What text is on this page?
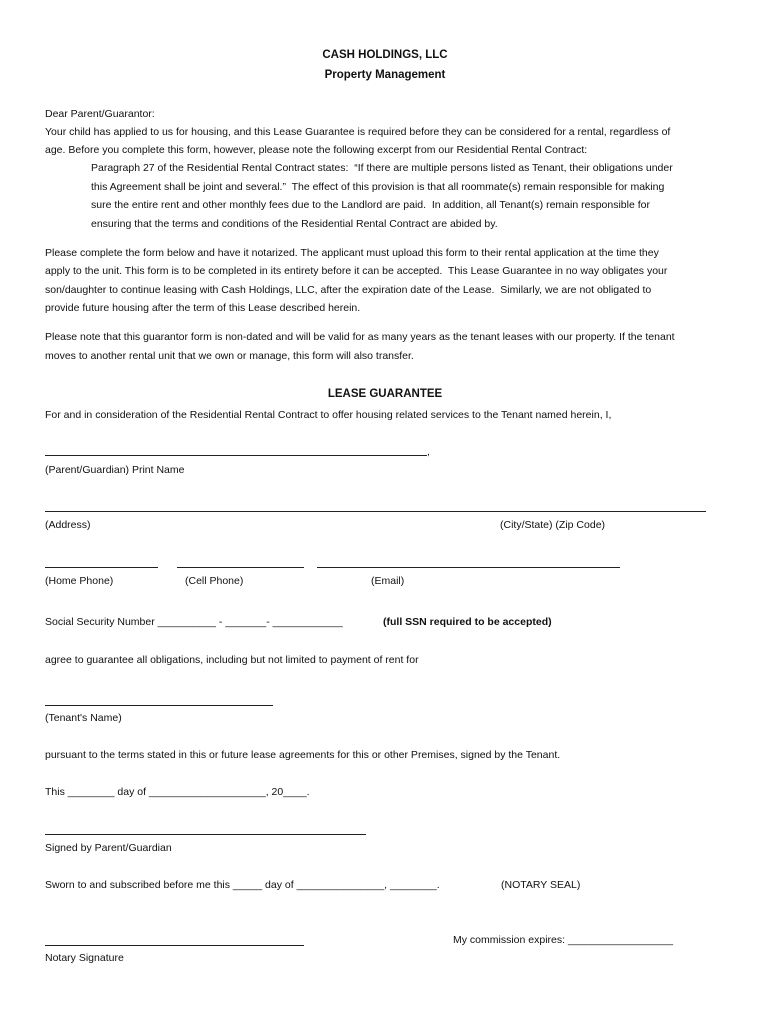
CASH HOLDINGS, LLC
Property Management
Dear Parent/Guarantor:
Your child has applied to us for housing, and this Lease Guarantee is required before they can be considered for a rental, regardless of
age. Before you complete this form, however, please note the following excerpt from our Residential Rental Contract:
Paragraph 27 of the Residential Rental Contract states:  “If there are multiple persons listed as Tenant, their obligations under
this Agreement shall be joint and several.”  The effect of this provision is that all roommate(s) remain responsible for making
sure the entire rent and other monthly fees due to the Landlord are paid.  In addition, all Tenant(s) remain responsible for
ensuring that the terms and conditions of the Residential Rental Contract are abided by.
Please complete the form below and have it notarized. The applicant must upload this form to their rental application at the time they
apply to the unit. This form is to be completed in its entirety before it can be accepted.  This Lease Guarantee in no way obligates your
son/daughter to continue leasing with Cash Holdings, LLC, after the expiration date of the Lease.  Similarly, we are not obligated to
provide future housing after the term of this Lease described herein.
Please note that this guarantor form is non-dated and will be valid for as many years as the tenant leases with our property. If the tenant
moves to another rental unit that we own or manage, this form will also transfer.
LEASE GUARANTEE
For and in consideration of the Residential Rental Contract to offer housing related services to the Tenant named herein, I,
,
(Parent/Guardian) Print Name
(Address)	(City/State) (Zip Code)
(Home Phone)	(Cell Phone)	(Email)
Social Security Number __________ - _______- ____________	(full SSN required to be accepted)
agree to guarantee all obligations, including but not limited to payment of rent for
(Tenant's Name)
pursuant to the terms stated in this or future lease agreements for this or other Premises, signed by the Tenant.
This ________ day of ____________________, 20____.
Signed by Parent/Guardian
Sworn to and subscribed before me this _____ day of _______________, ________.	(NOTARY SEAL)
My commission expires: __________________
Notary Signature
